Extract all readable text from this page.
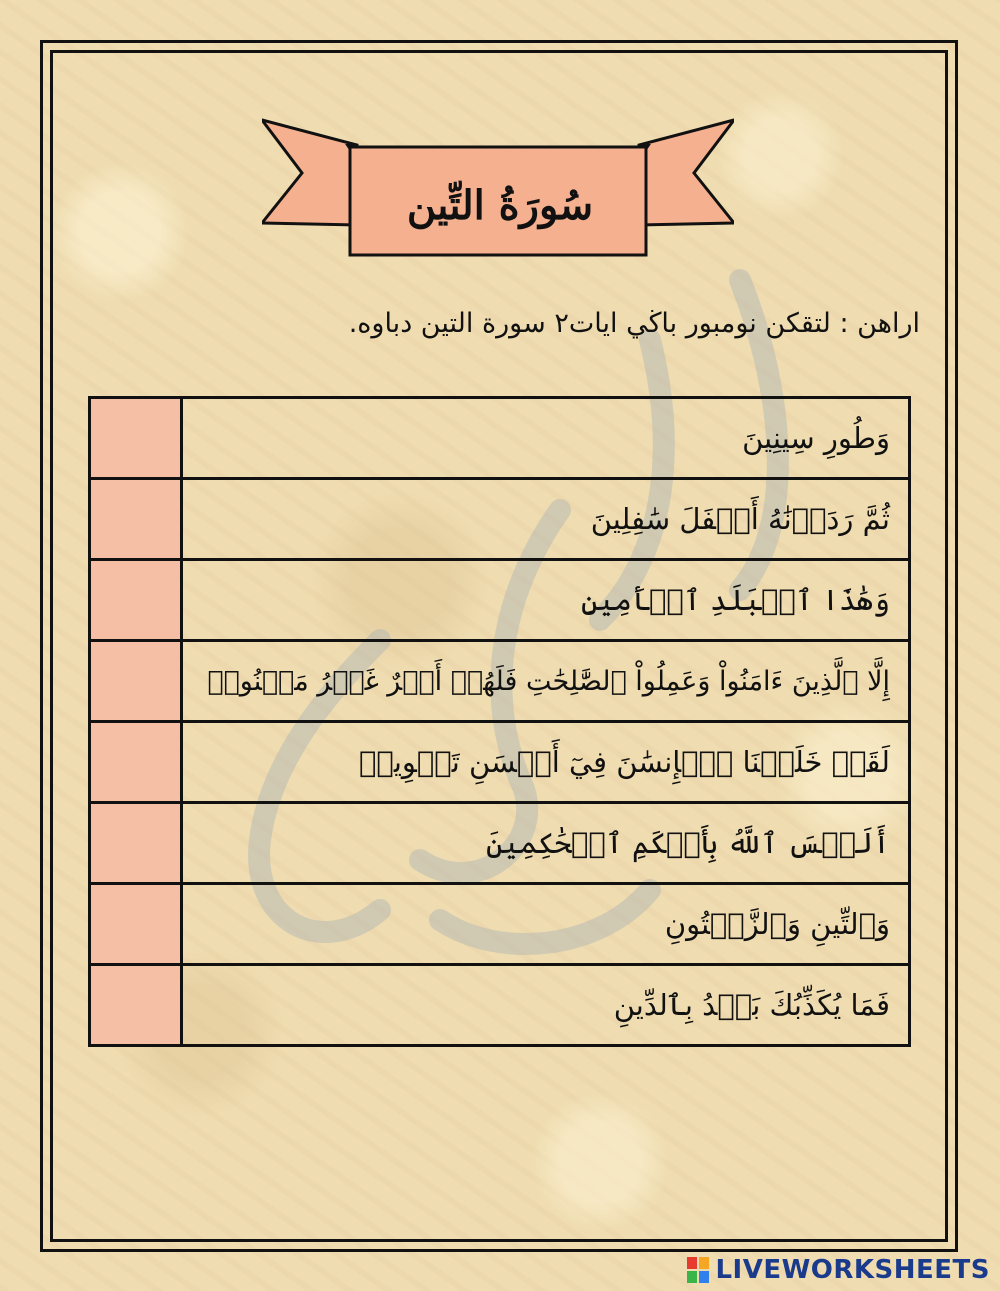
سُورَةُ التِّين
اراهن : لتقكن نومبور باڬي ايات٢ سورة التين دباوه.
	وَطُورِ سِينِينَ
	ثُمَّ رَدَدۡنَٰهُ أَسۡفَلَ سَٰفِلِينَ
	وَهَٰذَا ٱلۡبَلَدِ ٱلۡأَمِينِ
	إِلَّا ٱلَّذِينَ ءَامَنُواْ وَعَمِلُواْ ٱلصَّٰلِحَٰتِ فَلَهُمۡ أَجۡرٌ غَيۡرُ مَمۡنُونٖ
	لَقَدۡ خَلَقۡنَا ٱلۡإِنسَٰنَ فِيٓ أَحۡسَنِ تَقۡوِيمٖ
	أَلَيۡسَ ٱللَّهُ بِأَحۡكَمِ ٱلۡحَٰكِمِينَ
	وَٱلتِّينِ وَٱلزَّيۡتُونِ
	فَمَا يُكَذِّبُكَ بَعۡدُ بِٱلدِّينِ
LIVEWORKSHEETS
